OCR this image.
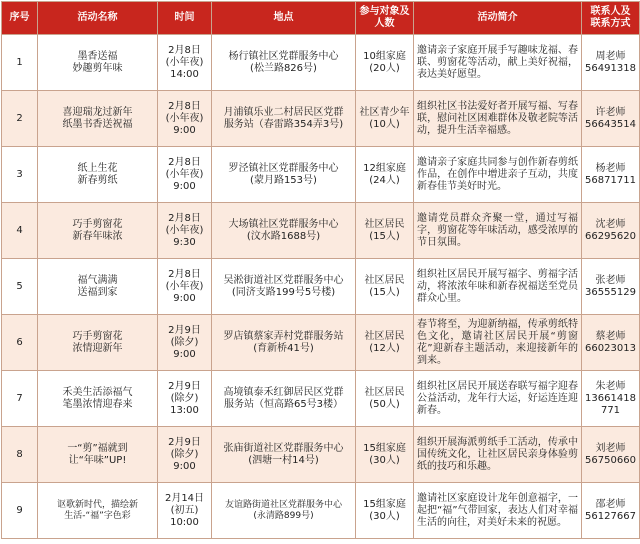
序号	活动名称	时间	地点	参与对象及
人数	活动简介	联系人及
联系方式

1	墨香送福
妙趣剪年味	2月8日
(小年夜)
14:00	杨行镇社区党群服务中心
(松兰路826号)	10组家庭
(20人)	邀请亲子家庭开展手写趣味龙福、春联、剪窗花等活动，献上美好祝福，表达美好愿望。	周老师
56491318

2	喜迎瑞龙过新年
纸墨书香送祝福	2月8日
(小年夜)
9:00	月浦镇乐业二村居民区党群
服务站（春雷路354弄3号)	社区青少年
(10人)	组织社区书法爱好者开展写福、写春联，慰问社区困难群体及敬老院等活动，提升生活幸福感。	许老师
56643514

3	纸上生花
新春剪纸	2月8日
(小年夜)
9:00	罗泾镇社区党群服务中心
(蒙月路153号)	12组家庭
(24人)	邀请亲子家庭共同参与创作新春剪纸作品，在创作中增进亲子互动，共度新春佳节美好时光。	杨老师
56871711

4	巧手剪窗花
新春年味浓	2月8日
(小年夜)
9:30	大场镇社区党群服务中心
(汶水路1688号)	社区居民
(15人)	邀请党员群众齐聚一堂，通过写福字，剪窗花等年味活动，感受浓厚的节日氛围。	沈老师
66295620

5	福气满满
送福到家	2月8日
(小年夜)
9:00	吴淞街道社区党群服务中心
(同济支路199号5号楼)	社区居民
(15人)	组织社区居民开展写福字、剪福字活动，将浓浓年味和新春祝福送至党员群众心里。	张老师
36555129

6	巧手剪窗花
浓情迎新年	2月9日
(除夕)
9:00	罗店镇蔡家弄村党群服务站
(育新桥41号)	社区居民
(12人)	春节将至，为迎新纳福，传承剪纸特色文化，邀请社区居民开展“剪窗花”迎新春主题活动，来迎接新年的到来。	蔡老师
66023013

7	禾美生活添福气
笔墨浓情迎春来	2月9日
(除夕)
13:00	高境镇泰禾红御居民区党群
服务站（恒高路65号3楼）	社区居民
(50人)	组织社区居民开展送春联写福字迎春公益活动，龙年行大运，好运连连迎新春。	朱老师
13661418
771

8	一“剪”福就到
让“年味”UP!	2月9日
(除夕)
9:00	张庙街道社区党群服务中心
(泗塘一村14号)	15组家庭
(30人)	组织开展海派剪纸手工活动，传承中国传统文化，让社区居民亲身体验剪纸的技巧和乐趣。	刘老师
56750660

9	讴歌新时代，描绘新
生活-“福”字色彩	2月14日
(初五)
10:00	友谊路街道社区党群服务中心
(永清路899号)	15组家庭
(30人)	邀请社区家庭设计龙年创意福字，一起把“福”气带回家，表达人们对幸福生活的向往，对美好未来的祝愿。	邵老师
56127667
